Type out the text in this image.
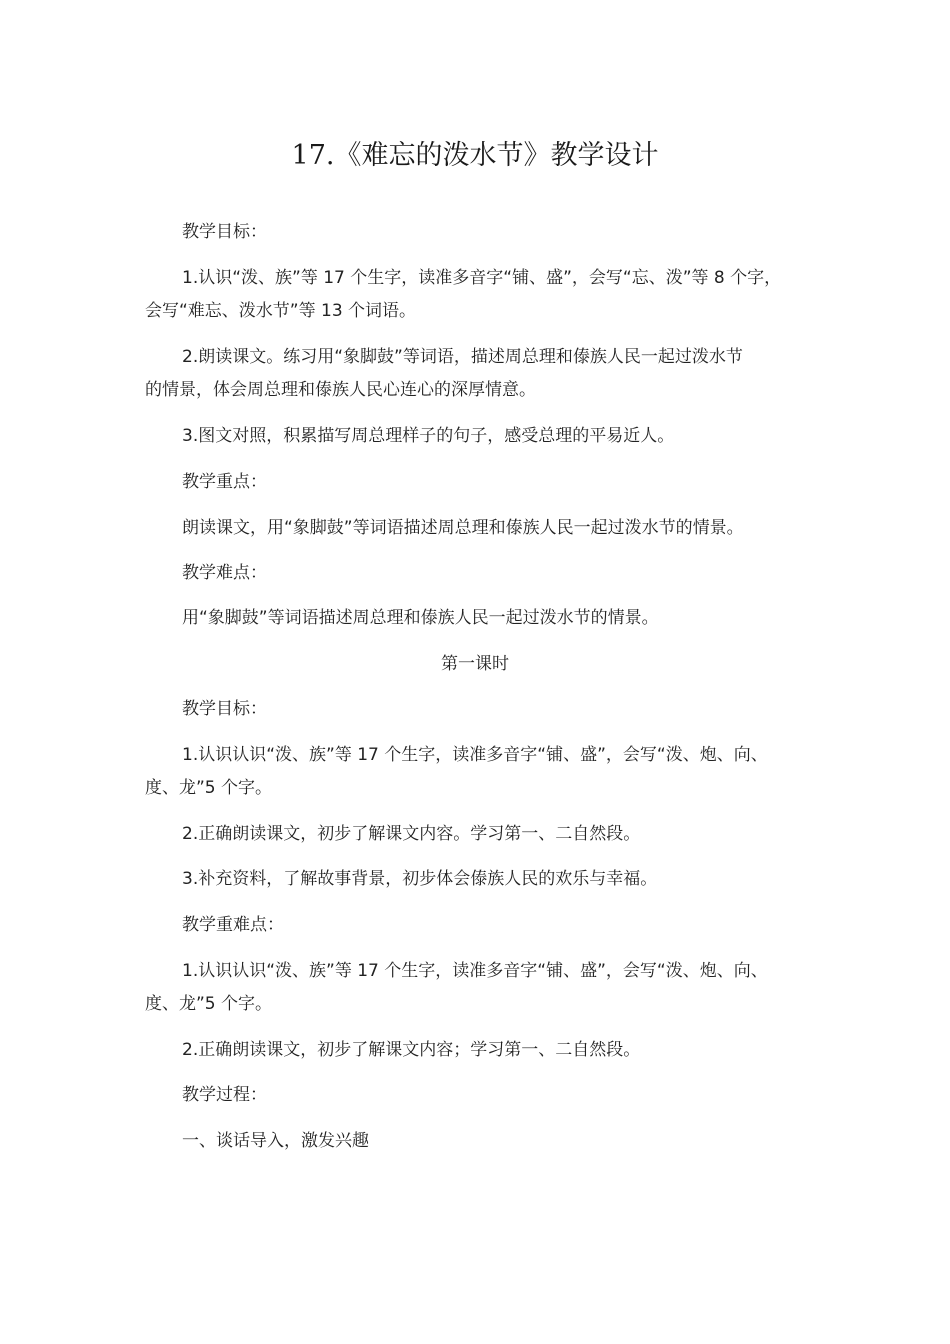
17.《难忘的泼水节》教学设计
教学目标：
1.认识“泼、族”等 17 个生字，读准多音字“铺、盛”，会写“忘、泼”等 8 个字，
会写“难忘、泼水节”等 13 个词语。
2.朗读课文。练习用“象脚鼓”等词语，描述周总理和傣族人民一起过泼水节
的情景，体会周总理和傣族人民心连心的深厚情意。
3.图文对照，积累描写周总理样子的句子，感受总理的平易近人。
教学重点：
朗读课文，用“象脚鼓”等词语描述周总理和傣族人民一起过泼水节的情景。
教学难点：
用“象脚鼓”等词语描述周总理和傣族人民一起过泼水节的情景。
第一课时
教学目标：
1.认识认识“泼、族”等 17 个生字，读准多音字“铺、盛”，会写“泼、炮、向、
度、龙”5 个字。
2.正确朗读课文，初步了解课文内容。学习第一、二自然段。
3.补充资料，了解故事背景，初步体会傣族人民的欢乐与幸福。
教学重难点：
1.认识认识“泼、族”等 17 个生字，读准多音字“铺、盛”，会写“泼、炮、向、
度、龙”5 个字。
2.正确朗读课文，初步了解课文内容；学习第一、二自然段。
教学过程：
一、谈话导入，激发兴趣
